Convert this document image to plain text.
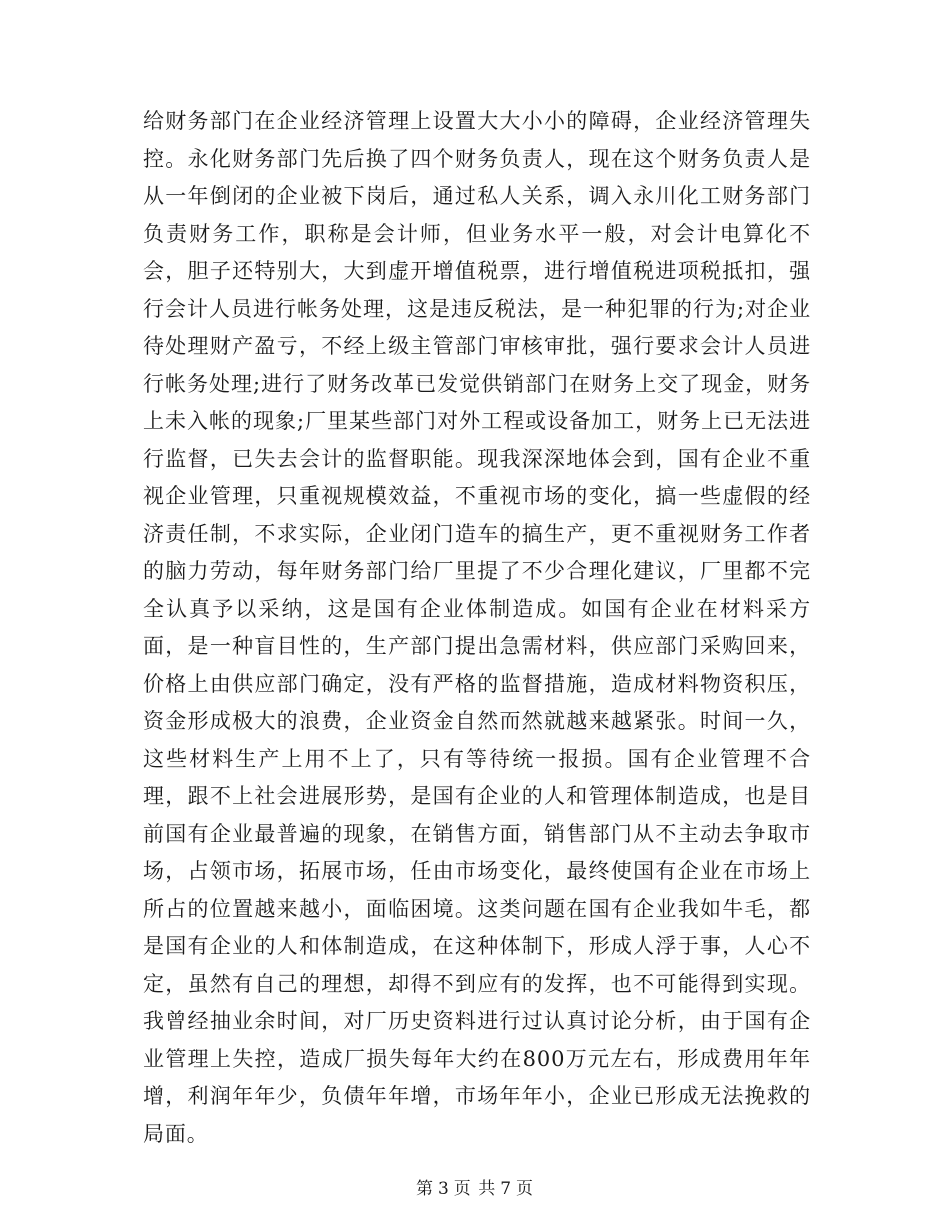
给财务部门在企业经济管理上设置大大小小的障碍，企业经济管理失控。永化财务部门先后换了四个财务负责人，现在这个财务负责人是从一年倒闭的企业被下岗后，通过私人关系，调入永川化工财务部门负责财务工作，职称是会计师，但业务水平一般，对会计电算化不会，胆子还特别大，大到虚开增值税票，进行增值税进项税抵扣，强行会计人员进行帐务处理，这是违反税法，是一种犯罪的行为;对企业待处理财产盈亏，不经上级主管部门审核审批，强行要求会计人员进行帐务处理;进行了财务改革已发觉供销部门在财务上交了现金，财务上未入帐的现象;厂里某些部门对外工程或设备加工，财务上已无法进行监督，已失去会计的监督职能。现我深深地体会到，国有企业不重视企业管理，只重视规模效益，不重视市场的变化，搞一些虚假的经济责任制，不求实际，企业闭门造车的搞生产，更不重视财务工作者的脑力劳动，每年财务部门给厂里提了不少合理化建议，厂里都不完全认真予以采纳，这是国有企业体制造成。如国有企业在材料采方面，是一种盲目性的，生产部门提出急需材料，供应部门采购回来，价格上由供应部门确定，没有严格的监督措施，造成材料物资积压，资金形成极大的浪费，企业资金自然而然就越来越紧张。时间一久，这些材料生产上用不上了，只有等待统一报损。国有企业管理不合理，跟不上社会进展形势，是国有企业的人和管理体制造成，也是目前国有企业最普遍的现象，在销售方面，销售部门从不主动去争取市场，占领市场，拓展市场，任由市场变化，最终使国有企业在市场上所占的位置越来越小，面临困境。这类问题在国有企业我如牛毛，都是国有企业的人和体制造成，在这种体制下，形成人浮于事，人心不定，虽然有自己的理想，却得不到应有的发挥，也不可能得到实现。我曾经抽业余时间，对厂历史资料进行过认真讨论分析，由于国有企业管理上失控，造成厂损失每年大约在800万元左右，形成费用年年增，利润年年少，负债年年增，市场年年小，企业已形成无法挽救的局面。

第 3 页 共 7 页
